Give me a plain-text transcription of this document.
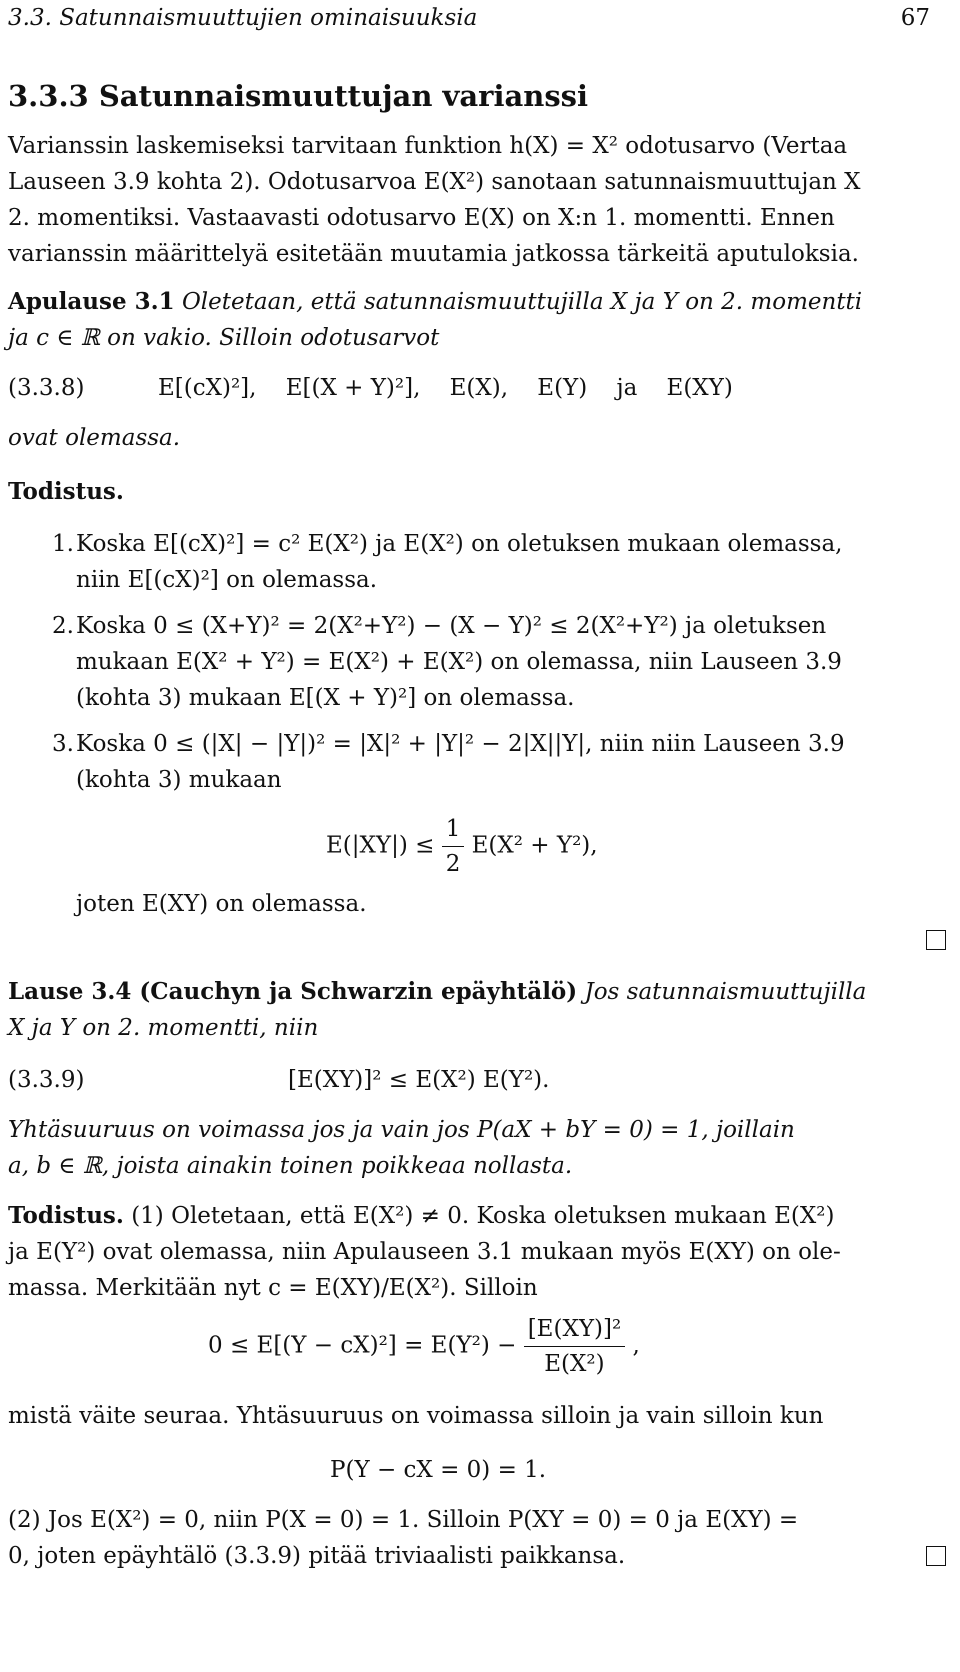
3.3. Satunnaismuuttujien ominaisuuksia	67
3.3.3 Satunnaismuuttujan varianssi
Varianssin laskemiseksi tarvitaan funktion h(X) = X² odotusarvo (Vertaa
Lauseen 3.9 kohta 2). Odotusarvoa E(X²) sanotaan satunnaismuuttujan X
2. momentiksi. Vastaavasti odotusarvo E(X) on X:n 1. momentti. Ennen
varianssin määrittelyä esitetään muutamia jatkossa tärkeitä aputuloksia.
Apulause 3.1 Oletetaan, että satunnaismuuttujilla X ja Y on 2. momentti
ja c ∈ ℝ on vakio. Silloin odotusarvot
(3.3.8)	E[(cX)²],    E[(X + Y)²],    E(X),    E(Y)    ja    E(XY)
ovat olemassa.
Todistus.
1. Koska E[(cX)²] = c² E(X²) ja E(X²) on oletuksen mukaan olemassa,
niin E[(cX)²] on olemassa.
2. Koska 0 ≤ (X+Y)² = 2(X²+Y²) − (X − Y)² ≤ 2(X²+Y²) ja oletuksen
mukaan E(X² + Y²) = E(X²) + E(X²) on olemassa, niin Lauseen 3.9
(kohta 3) mukaan E[(X + Y)²] on olemassa.
3. Koska 0 ≤ (|X| − |Y|)² = |X|² + |Y|² − 2|X||Y|, niin niin Lauseen 3.9
(kohta 3) mukaan
$E(|XY|) \le \frac{1}{2} E(X^2 + Y^2)$,
joten E(XY) on olemassa.
Lause 3.4 (Cauchyn ja Schwarzin epäyhtälö) Jos satunnaismuuttujilla
X ja Y on 2. momentti, niin
(3.3.9)	[E(XY)]² ≤ E(X²) E(Y²).
Yhtäsuuruus on voimassa jos ja vain jos P(aX + bY = 0) = 1, joillain
a, b ∈ ℝ, joista ainakin toinen poikkeaa nollasta.
Todistus. (1) Oletetaan, että E(X²) ≠ 0. Koska oletuksen mukaan E(X²)
ja E(Y²) ovat olemassa, niin Apulauseen 3.1 mukaan myös E(XY) on ole-
massa. Merkitään nyt c = E(XY)/E(X²). Silloin
$0 \le E[(Y - cX)^2] = E(Y^2) - \frac{\text{[E(XY)]²}}{\text{E(X²)}}$ ,
mistä väite seuraa. Yhtäsuuruus on voimassa silloin ja vain silloin kun
P(Y − cX = 0) = 1.
(2) Jos E(X²) = 0, niin P(X = 0) = 1. Silloin P(XY = 0) = 0 ja E(XY) =
0, joten epäyhtälö (3.3.9) pitää triviaalisti paikkansa.
